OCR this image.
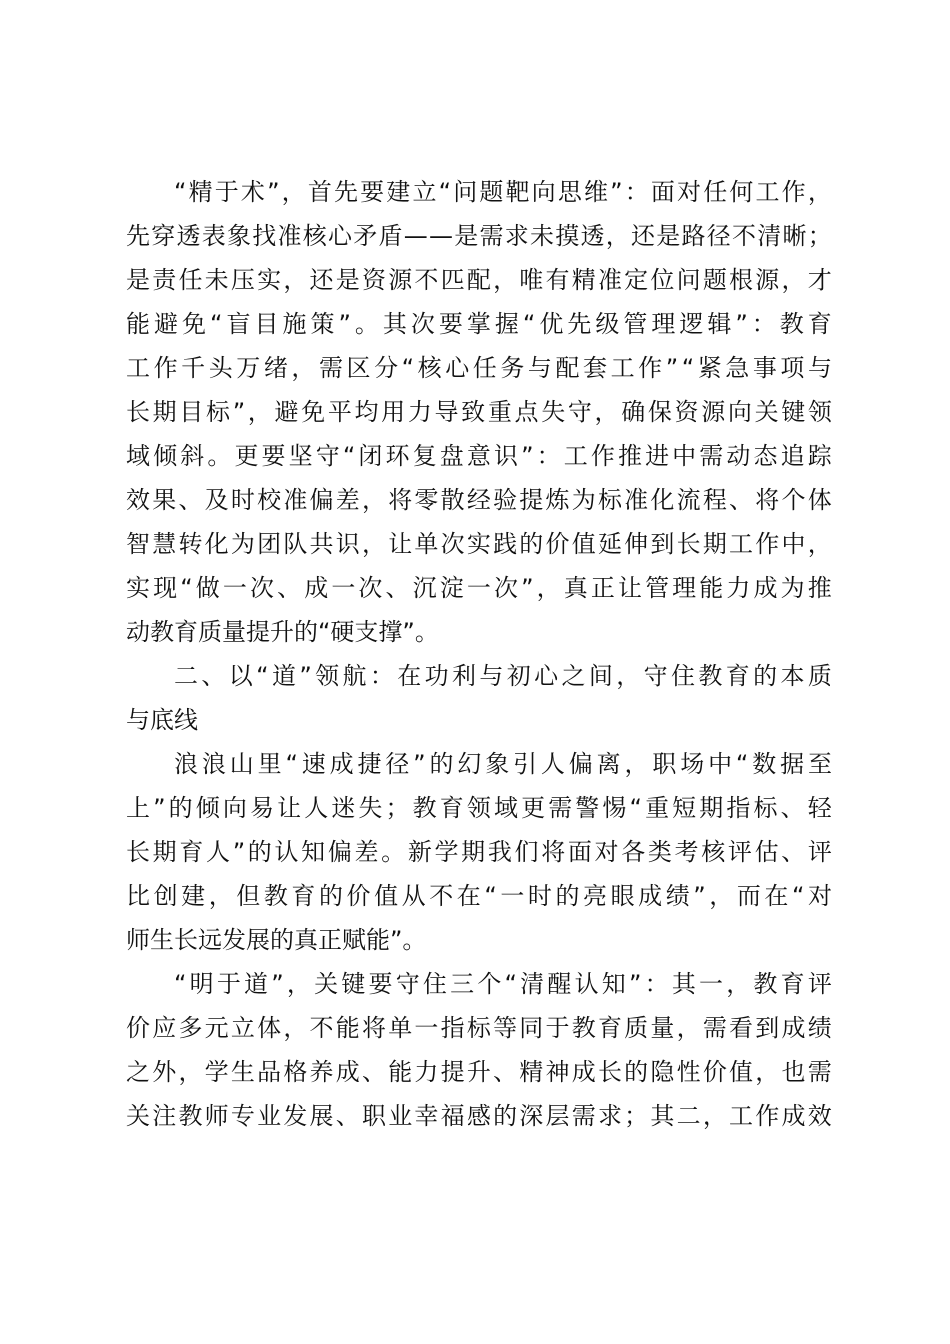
“ 精 于 术 ” ， 首 先 要 建 立 “ 问 题 靶 向 思 维 ” ： 面 对 任 何 工 作 ，
先 穿 透 表 象 找 准 核 心 矛 盾 — — 是 需 求 未 摸 透 ， 还 是 路 径 不 清 晰 ；
是 责 任 未 压 实 ， 还 是 资 源 不 匹 配 ， 唯 有 精 准 定 位 问 题 根 源 ， 才
能 避 免 “ 盲 目 施 策 ” 。 其 次 要 掌 握 “ 优 先 级 管 理 逻 辑 ” ： 教 育
工 作 千 头 万 绪 ， 需 区 分 “ 核 心 任 务 与 配 套 工 作 ” “ 紧 急 事 项 与
长 期 目 标 ” ， 避 免 平 均 用 力 导 致 重 点 失 守 ， 确 保 资 源 向 关 键 领
域 倾 斜 。 更 要 坚 守 “ 闭 环 复 盘 意 识 ” ： 工 作 推 进 中 需 动 态 追 踪
效 果 、 及 时 校 准 偏 差 ， 将 零 散 经 验 提 炼 为 标 准 化 流 程 、 将 个 体
智 慧 转 化 为 团 队 共 识 ， 让 单 次 实 践 的 价 值 延 伸 到 长 期 工 作 中 ，
实 现 “ 做 一 次 、 成 一 次 、 沉 淀 一 次 ” ， 真 正 让 管 理 能 力 成 为 推
动教育质量提升的“硬支撑”。
二 、 以 “ 道 ” 领 航 ： 在 功 利 与 初 心 之 间 ， 守 住 教 育 的 本 质
与底线
浪 浪 山 里 “ 速 成 捷 径 ” 的 幻 象 引 人 偏 离 ， 职 场 中 “ 数 据 至
上 ” 的 倾 向 易 让 人 迷 失 ； 教 育 领 域 更 需 警 惕 “ 重 短 期 指 标 、 轻
长 期 育 人 ” 的 认 知 偏 差 。 新 学 期 我 们 将 面 对 各 类 考 核 评 估 、 评
比 创 建 ， 但 教 育 的 价 值 从 不 在 “ 一 时 的 亮 眼 成 绩 ” ， 而 在 “ 对
师生长远发展的真正赋能”。
“ 明 于 道 ” ， 关 键 要 守 住 三 个 “ 清 醒 认 知 ” ： 其 一 ， 教 育 评
价 应 多 元 立 体 ， 不 能 将 单 一 指 标 等 同 于 教 育 质 量 ， 需 看 到 成 绩
之 外 ， 学 生 品 格 养 成 、 能 力 提 升 、 精 神 成 长 的 隐 性 价 值 ， 也 需
关 注 教 师 专 业 发 展 、 职 业 幸 福 感 的 深 层 需 求 ； 其 二 ， 工 作 成 效
